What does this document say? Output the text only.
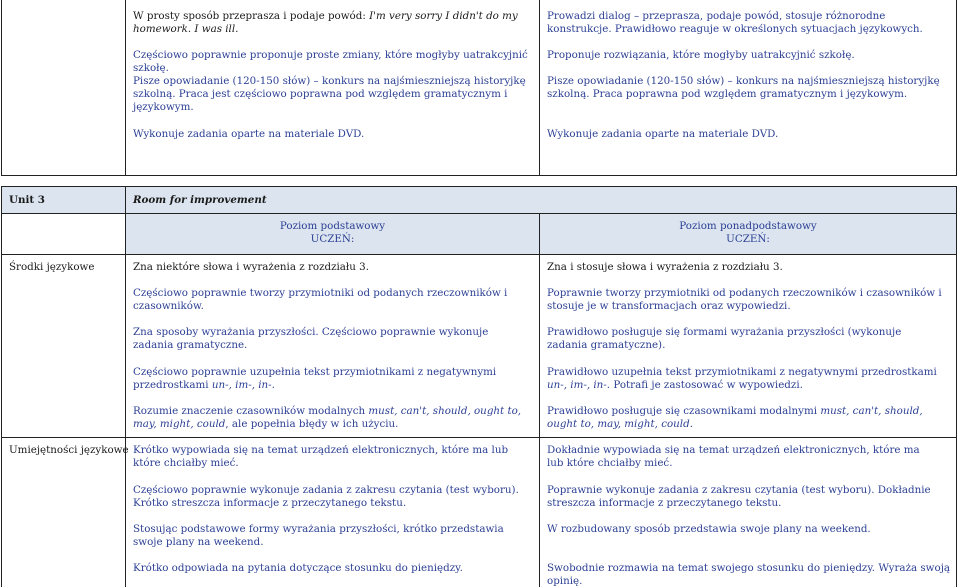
W prosty sposób przeprasza i podaje powód: I'm very sorry I didn't do my homework. I was ill.
Częściowo poprawnie proponuje proste zmiany, które mogłyby uatrakcyjnić szkołę.
Pisze opowiadanie (120-150 słów) – konkurs na najśmieszniejszą historyjkę szkolną. Praca jest częściowo poprawna pod względem gramatycznym i językowym.
Wykonuje zadania oparte na materiale DVD.
Prowadzi dialog – przeprasza, podaje powód, stosuje różnorodne konstrukcje. Prawidłowo reaguje w określonych sytuacjach językowych.
Proponuje rozwiązania, które mogłyby uatrakcyjnić szkołę.
Pisze opowiadanie (120-150 słów) – konkurs na najśmieszniejszą historyjkę szkolną. Praca poprawna pod względem gramatycznym i językowym.
Wykonuje zadania oparte na materiale DVD.
Unit 3	Room for improvement
Poziom podstawowy
UCZEŃ:
Poziom ponadpodstawowy
UCZEŃ:
Środki językowe
Umiejętności językowe
Zna niektóre słowa i wyrażenia z rozdziału 3.
Częściowo poprawnie tworzy przymiotniki od podanych rzeczowników i czasowników.
Zna sposoby wyrażania przyszłości. Częściowo poprawnie wykonuje zadania gramatyczne.
Częściowo poprawnie uzupełnia tekst przymiotnikami z negatywnymi przedrostkami un-, im-, in-.
Rozumie znaczenie czasowników modalnych must, can't, should, ought to, may, might, could, ale popełnia błędy w ich użyciu.
Zna i stosuje słowa i wyrażenia z rozdziału 3.
Poprawnie tworzy przymiotniki od podanych rzeczowników i czasowników i stosuje je w transformacjach oraz wypowiedzi.
Prawidłowo posługuje się formami wyrażania przyszłości (wykonuje zadania gramatyczne).
Prawidłowo uzupełnia tekst przymiotnikami z negatywnymi przedrostkami un-, im-, in-. Potrafi je zastosować w wypowiedzi.
Prawidłowo posługuje się czasownikami modalnymi must, can't, should, ought to, may, might, could.
Krótko wypowiada się na temat urządzeń elektronicznych, które ma lub które chciałby mieć.
Częściowo poprawnie wykonuje zadania z zakresu czytania (test wyboru). Krótko streszcza informacje z przeczytanego tekstu.
Stosując podstawowe formy wyrażania przyszłości, krótko przedstawia swoje plany na weekend.
Krótko odpowiada na pytania dotyczące stosunku do pieniędzy.
Dokładnie wypowiada się na temat urządzeń elektronicznych, które ma lub które chciałby mieć.
Poprawnie wykonuje zadania z zakresu czytania (test wyboru). Dokładnie streszcza informacje z przeczytanego tekstu.
W rozbudowany sposób przedstawia swoje plany na weekend.
Swobodnie rozmawia na temat swojego stosunku do pieniędzy. Wyraża swoją opinię.
